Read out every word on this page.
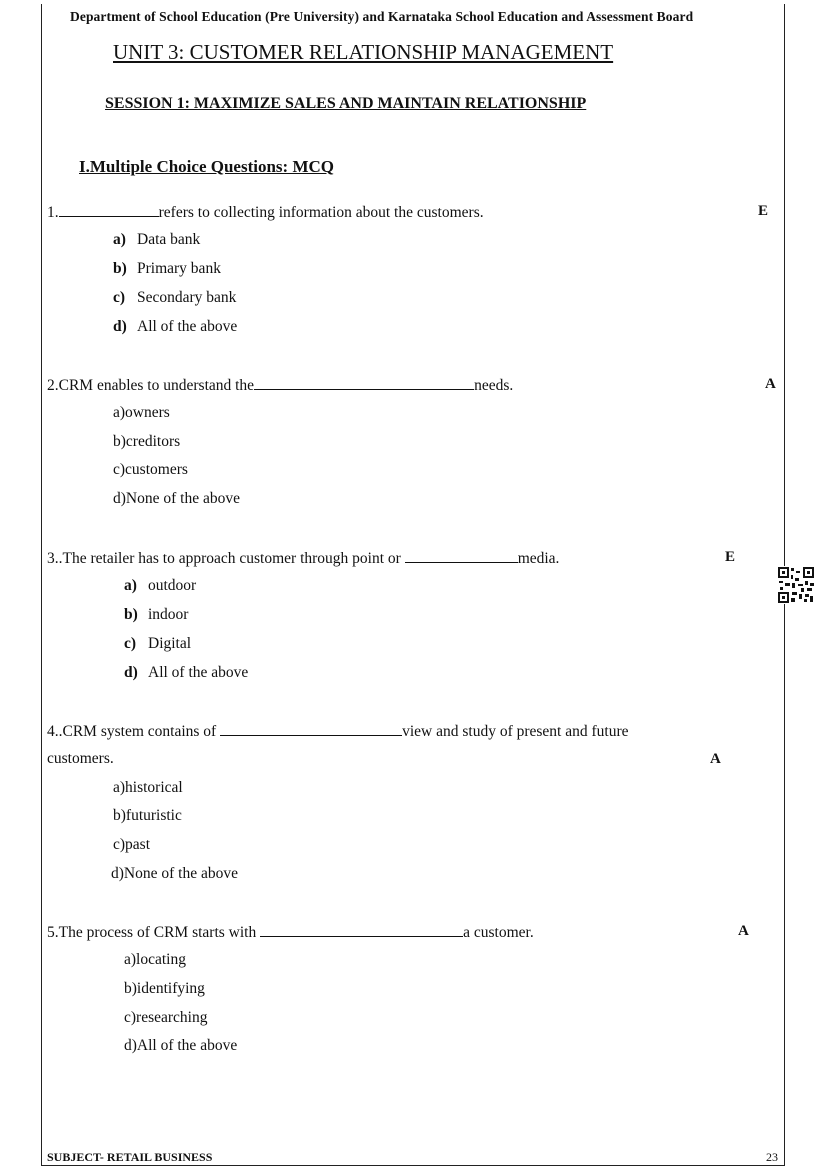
Department of School Education (Pre University) and Karnataka School Education and Assessment Board
UNIT 3: CUSTOMER RELATIONSHIP MANAGEMENT
SESSION 1: MAXIMIZE SALES AND MAINTAIN RELATIONSHIP
I.Multiple Choice Questions: MCQ
1.	refers to collecting information about the customers.	E
a) Data bank
b) Primary bank
c) Secondary bank
d) All of the above
2.CRM enables to understand the	needs.	A
a)owners
b)creditors
c)customers
d)None of the above
3..The retailer has to approach customer through point or	media.	E
a) outdoor
b) indoor
c) Digital
d) All of the above
4..CRM system contains of	view and study of present and future
customers.	A
a)historical
b)futuristic
c)past
d)None of the above
5.The process of CRM starts with	a customer.	A
a)locating
b)identifying
c)researching
d)All of the above
SUBJECT- RETAIL BUSINESS	23
